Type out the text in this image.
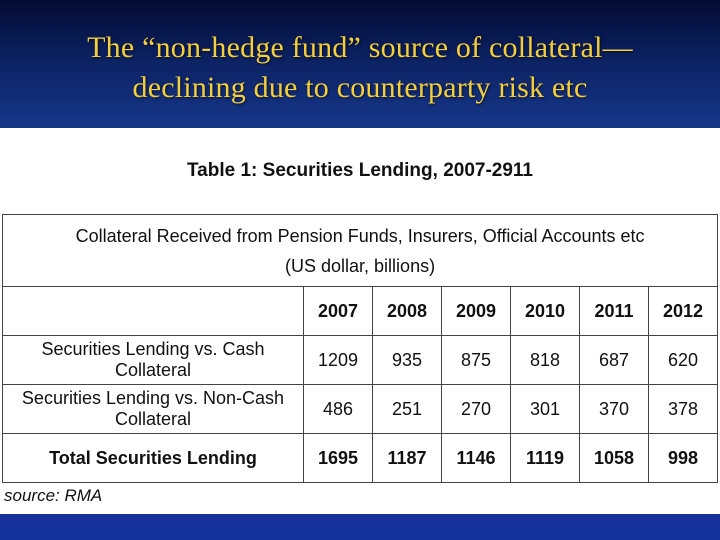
The “non-hedge fund” source of collateral—
declining due to counterparty risk etc
Table 1: Securities Lending, 2007-2911
Collateral Received from Pension Funds, Insurers, Official Accounts etc
(US dollar, billions)						

	2007	2008	2009	2010	2011	2012
Securities Lending vs. Cash Collateral	1209	935	875	818	687	620
Securities Lending vs. Non-Cash Collateral	486	251	270	301	370	378
Total Securities Lending	1695	1187	1146	1119	1058	998
source: RMA
